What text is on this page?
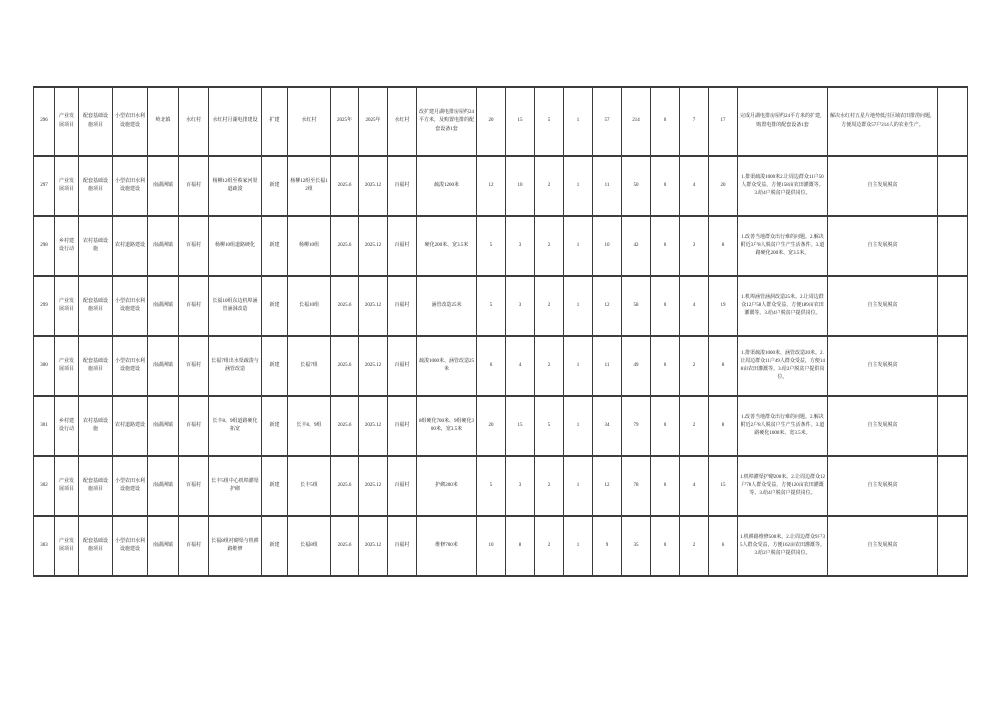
296	产业发展项目	配套基础设施项目	小型农田水利设施建设	岭北镇	水红村	水红村月湖电排建设	扩建	水红村	2025年	2025年	水红村	改扩建月湖电排房屋约24平方米，及购置电排的配套设备1套	20	15	5	1	57	214	0	7	17	完成月湖电排房屋约24平方米的扩建，购置电排的配套设备1套	解决水红村五星片地势低洼区域农田排涝问题，方便周边群众57户214人的农业生产。	
297	产业发展项目	配套基础设施项目	小型农田水利设施建设	南湖洲镇	百福村	杨柳12组至蔡家河渠道疏浚	新建	杨柳12组至长福12组	2025.6	2025.12	百福村	疏浚1200米	12	10	2	1	11	50	0	4	20	1.排渠疏浚1000米2.让周边群众11户50人群众受益，方便158亩农田灌溉等。3.给4户脱贫户提供岗位。	自主发展脱贫	
298	乡村建设行动	农村基础设施	农村道路建设	南湖洲镇	百福村	杨柳10组道路硬化	新建	杨柳10组	2025.6	2025.12	百福村	硬化200米、宽3.5米	5	3	2	1	10	42	0	3	8	1.改善当地群众出行难的问题。2.解决附近3户8人脱贫户生产生活条件。3.道路硬化200米、宽3.5米。	自主发展脱贫	
299	产业发展项目	配套基础设施项目	小型农田水利设施建设	南湖洲镇	百福村	长福10组东边机埠涵管涵洞改造	新建	长福10组	2025.6	2025.12	百福村	涵管改造25米	5	3	2	1	12	58	0	4	19	1.机埠涵管涵洞改造25米。2.让周边群众12户58人群众受益，方便189亩农田灌溉等。3.给4户脱贫户提供岗位。	自主发展脱贫	
300	产业发展项目	配套基础设施项目	小型农田水利设施建设	南湖洲镇	百福村	长福7组出水渠疏浚与涵管改造	新建	长福7组	2025.6	2025.12	百福村	疏浚1000米、涵管改造25米	6	4	2	1	11	49	0	2	8	1.排渠疏浚1000米、涵管改造20米。2.让周边群众11户49人群众受益，方便148亩农田灌溉等。3.给2户脱贫户提供岗位。	自主发展脱贫	
301	乡村建设行动	农村基础设施	农村道路建设	南湖洲镇	百福村	长丰8、9组道路硬化拓宽	新建	长丰8、9组	2025.6	2025.12	百福村	8组硬化700米、9组硬化300米，宽3.5米	20	15	5	1	34	79	0	2	8	1.改善当地群众出行难的问题。2.解决附近2户8人脱贫户生产生活条件。3.道路硬化1000米、宽3.5米。	自主发展脱贫	
302	产业发展项目	配套基础设施项目	小型农田水利设施建设	南湖洲镇	百福村	长丰5组中心机埠灌渠护砌	新建	长丰5组	2025.6	2025.12	百福村	护砌200米	5	3	2	1	12	78	0	4	15	1.机埠灌渠护砌200米。2.让周边群众12户78人群众受益，方便120亩农田灌溉等。3.给4户脱贫户提供岗位。	自主发展脱贫	
303	产业发展项目	配套基础设施项目	小型农田水利设施建设	南湖洲镇	百福村	长福8组衬砌渠与机耕路维修	新建	长福8组	2025.6	2025.12	百福村	维修700米	10	8	2	1	9	35	0	2	6	1.机耕路维修500米。2.让周边群众9户35人群众受益，方便162亩农田灌溉等。3.给2户脱贫户提供岗位。	自主发展脱贫	
